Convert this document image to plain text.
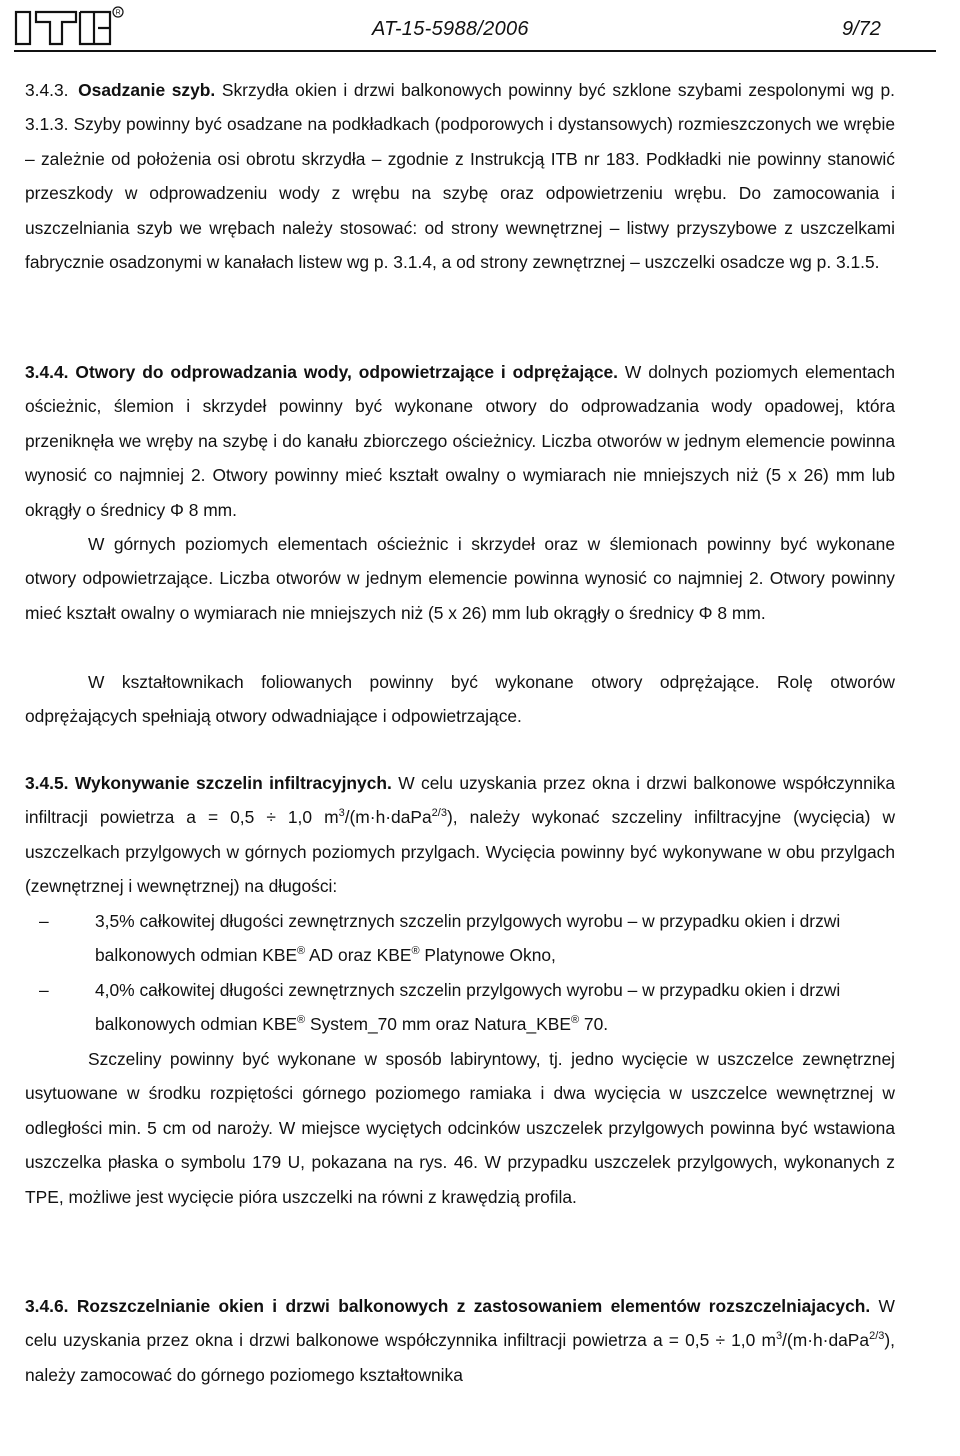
R
AT-15-5988/2006	9/72

3.4.3. Osadzanie szyb. Skrzydła okien i drzwi balkonowych powinny być szklone szybami zespolonymi wg p. 3.1.3. Szyby powinny być osadzane na podkładkach (podporowych i dystansowych) rozmieszczonych we wrębie – zależnie od położenia osi obrotu skrzydła – zgodnie z Instrukcją ITB nr 183. Podkładki nie powinny stanowić przeszkody w odprowadzeniu wody z wrębu na szybę oraz odpowietrzeniu wrębu. Do zamocowania i uszczelniania szyb we wrębach należy stosować: od strony wewnętrznej – listwy przyszybowe z uszczelkami fabrycznie osadzonymi w kanałach listew wg p. 3.1.4, a od strony zewnętrznej – uszczelki osadcze wg p. 3.1.5.

3.4.4. Otwory do odprowadzania wody, odpowietrzające i odprężające. W dolnych poziomych elementach ościeżnic, ślemion i skrzydeł powinny być wykonane otwory do odprowadzania wody opadowej, która przeniknęła we wręby na szybę i do kanału zbiorczego ościeżnicy. Liczba otworów w jednym elemencie powinna wynosić co najmniej 2. Otwory powinny mieć kształt owalny o wymiarach nie mniejszych niż (5 x 26) mm lub okrągły o średnicy Φ 8 mm.

W górnych poziomych elementach ościeżnic i skrzydeł oraz w ślemionach powinny być wykonane otwory odpowietrzające. Liczba otworów w jednym elemencie powinna wynosić co najmniej 2. Otwory powinny mieć kształt owalny o wymiarach nie mniejszych niż (5 x 26) mm lub okrągły o średnicy Φ 8 mm.

W kształtownikach foliowanych powinny być wykonane otwory odprężające. Rolę otworów odprężających spełniają otwory odwadniające i odpowietrzające.

3.4.5. Wykonywanie szczelin infiltracyjnych. W celu uzyskania przez okna i drzwi balkonowe współczynnika infiltracji powietrza a = 0,5 ÷ 1,0 $m^3/(m\cdot h\cdot daPa^{2/3})$, należy wykonać szczeliny infiltracyjne (wycięcia) w uszczelkach przylgowych w górnych poziomych przylgach. Wycięcia powinny być wykonywane w obu przylgach (zewnętrznej i wewnętrznej) na długości:

–	3,5% całkowitej długości zewnętrznych szczelin przylgowych wyrobu – w przypadku okien i drzwi balkonowych odmian KBE® AD oraz KBE® Platynowe Okno,
–	4,0% całkowitej długości zewnętrznych szczelin przylgowych wyrobu – w przypadku okien i drzwi balkonowych odmian KBE® System_70 mm oraz Natura_KBE® 70.

Szczeliny powinny być wykonane w sposób labiryntowy, tj. jedno wycięcie w uszczelce zewnętrznej usytuowane w środku rozpiętości górnego poziomego ramiaka i dwa wycięcia w uszczelce wewnętrznej w odległości min. 5 cm od naroży. W miejsce wyciętych odcinków uszczelek przylgowych powinna być wstawiona uszczelka płaska o symbolu 179 U, pokazana na rys. 46. W przypadku uszczelek przylgowych, wykonanych z TPE, możliwe jest wycięcie pióra uszczelki na równi z krawędzią profila.

3.4.6. Rozszczelnianie okien i drzwi balkonowych z zastosowaniem elementów rozszczelniajacych. W celu uzyskania przez okna i drzwi balkonowe współczynnika infiltracji powietrza a = 0,5 ÷ 1,0 $m^3/(m\cdot h\cdot daPa^{2/3})$, należy zamocować do górnego poziomego kształtownika
